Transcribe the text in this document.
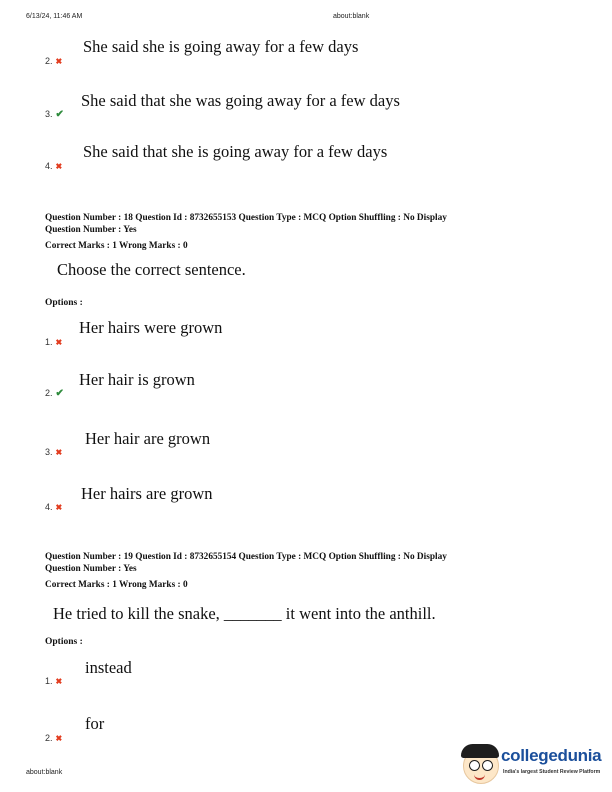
6/13/24, 11:46 AM	about:blank
She said she is going away for a few days
2. ✖
She said that she was going away for a few days
3. ✔
She said that she is going away for a few days
4. ✖
Question Number : 18 Question Id : 8732655153 Question Type : MCQ Option Shuffling : No Display
Question Number : Yes
Correct Marks : 1 Wrong Marks : 0
Choose the correct sentence.
Options :
Her hairs were grown
1. ✖
Her hair is grown
2. ✔
Her hair are grown
3. ✖
Her hairs are grown
4. ✖
Question Number : 19 Question Id : 8732655154 Question Type : MCQ Option Shuffling : No Display
Question Number : Yes
Correct Marks : 1 Wrong Marks : 0
He tried to kill the snake, _______ it went into the anthill.
Options :
instead
1. ✖
for
2. ✖
about:blank
collegedunia
India's largest Student Review Platform
